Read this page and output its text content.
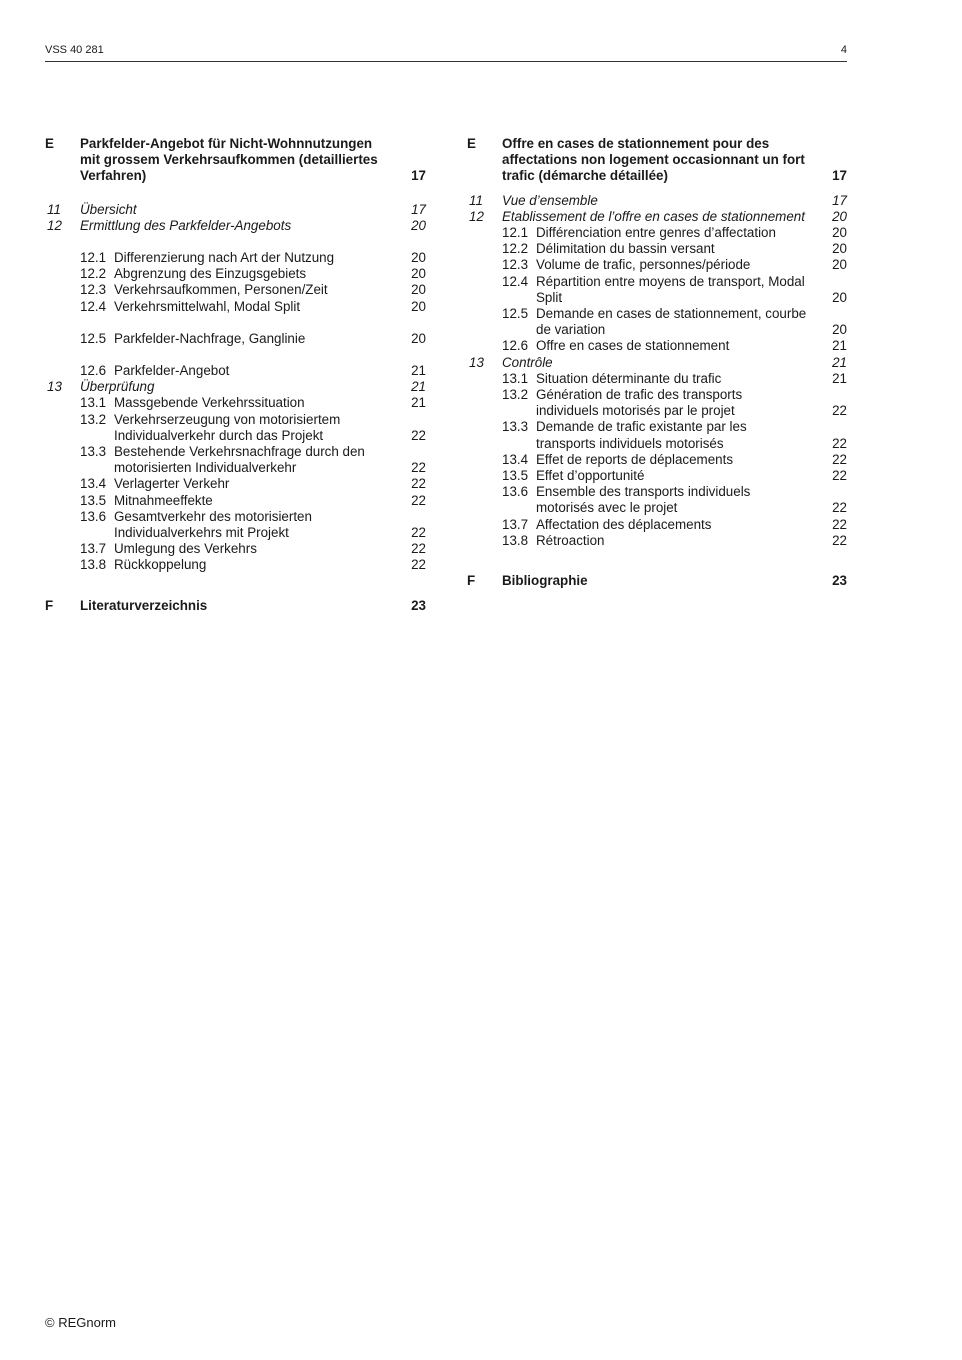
VSS 40 281	4
E	Parkfelder-Angebot für Nicht-Wohnnutzungen mit grossem Verkehrsaufkommen (detailliertes Verfahren)	17
11	Übersicht	17
12	Ermittlung des Parkfelder-Angebots	20
12.1 Differenzierung nach Art der Nutzung	20
12.2 Abgrenzung des Einzugsgebiets	20
12.3 Verkehrsaufkommen, Personen/Zeit	20
12.4 Verkehrsmittelwahl, Modal Split	20
12.5 Parkfelder-Nachfrage, Ganglinie	20
12.6 Parkfelder-Angebot	21
13	Überprüfung	21
13.1 Massgebende Verkehrssituation	21
13.2 Verkehrserzeugung von motorisiertem Individualverkehr durch das Projekt	22
13.3 Bestehende Verkehrsnachfrage durch den motorisierten Individualverkehr	22
13.4 Verlagerter Verkehr	22
13.5 Mitnahmeeffekte	22
13.6 Gesamtverkehr des motorisierten Individualverkehrs mit Projekt	22
13.7 Umlegung des Verkehrs	22
13.8 Rückkoppelung	22
F	Literaturverzeichnis	23
E	Offre en cases de stationnement pour des affectations non logement occasionnant un fort trafic (démarche détaillée)	17
11	Vue d’ensemble	17
12	Etablissement de l’offre en cases de stationnement	20
12.1 Différenciation entre genres d’affectation	20
12.2 Délimitation du bassin versant	20
12.3 Volume de trafic, personnes/période	20
12.4 Répartition entre moyens de transport, Modal Split	20
12.5 Demande en cases de stationnement, courbe de variation	20
12.6 Offre en cases de stationnement	21
13	Contrôle	21
13.1 Situation déterminante du trafic	21
13.2 Génération de trafic des transports individuels motorisés par le projet	22
13.3 Demande de trafic existante par les transports individuels motorisés	22
13.4 Effet de reports de déplacements	22
13.5 Effet d’opportunité	22
13.6 Ensemble des transports individuels motorisés avec le projet	22
13.7 Affectation des déplacements	22
13.8 Rétroaction	22
F	Bibliographie	23
© REGnorm
